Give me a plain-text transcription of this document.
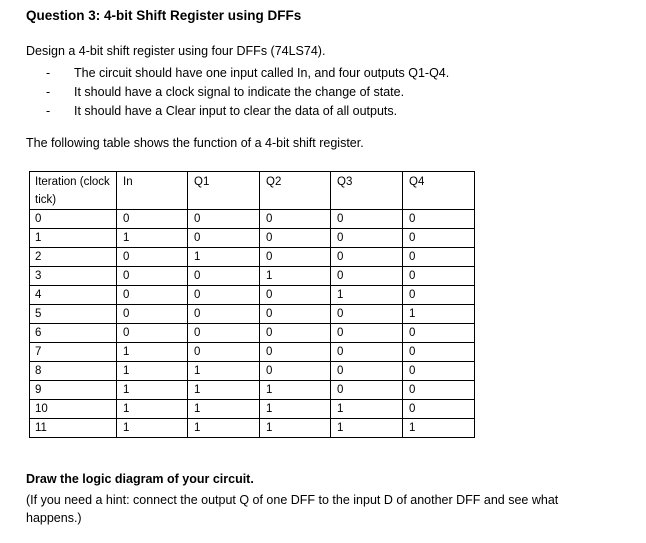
Question 3: 4-bit Shift Register using DFFs
Design a 4-bit shift register using four DFFs (74LS74).
- The circuit should have one input called In, and four outputs Q1-Q4.
- It should have a clock signal to indicate the change of state.
- It should have a Clear input to clear the data of all outputs.
The following table shows the function of a 4-bit shift register.
Iteration (clock tick)	In	Q1	Q2	Q3	Q4
0	0	0	0	0	0
1	1	0	0	0	0
2	0	1	0	0	0
3	0	0	1	0	0
4	0	0	0	1	0
5	0	0	0	0	1
6	0	0	0	0	0
7	1	0	0	0	0
8	1	1	0	0	0
9	1	1	1	0	0
10	1	1	1	1	0
11	1	1	1	1	1
Draw the logic diagram of your circuit.
(If you need a hint: connect the output Q of one DFF to the input D of another DFF and see what happens.)
